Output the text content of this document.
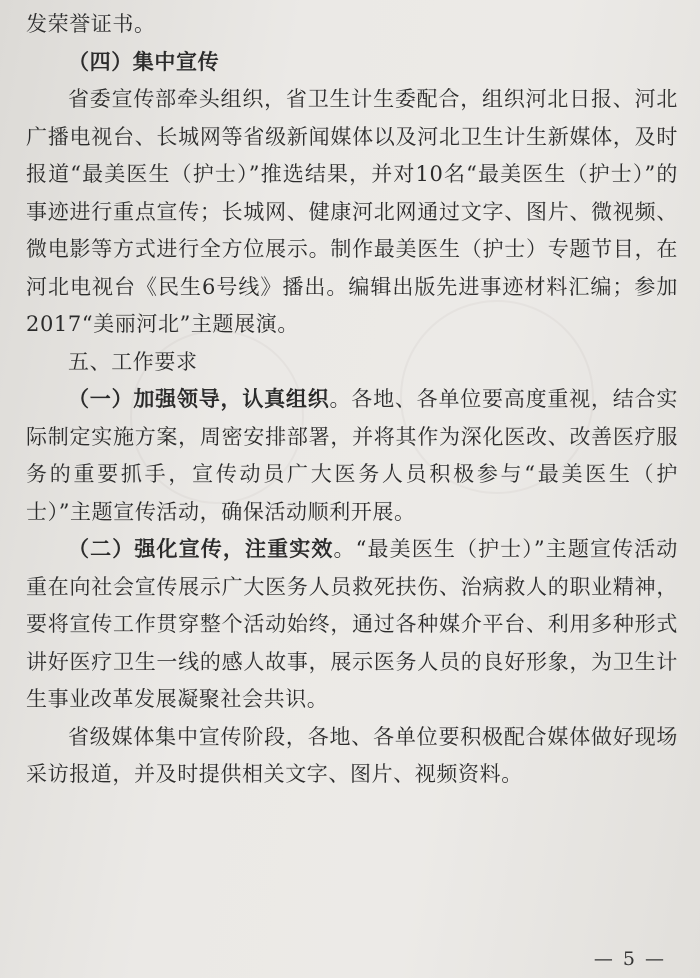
发荣誉证书。

（四）集中宣传

省委宣传部牵头组织，省卫生计生委配合，组织河北日报、河北广播电视台、长城网等省级新闻媒体以及河北卫生计生新媒体，及时报道“最美医生（护士）”推选结果，并对10名“最美医生（护士）”的事迹进行重点宣传；长城网、健康河北网通过文字、图片、微视频、微电影等方式进行全方位展示。制作最美医生（护士）专题节目，在河北电视台《民生6号线》播出。编辑出版先进事迹材料汇编；参加2017“美丽河北”主题展演。

五、工作要求

（一）加强领导，认真组织。各地、各单位要高度重视，结合实际制定实施方案，周密安排部署，并将其作为深化医改、改善医疗服务的重要抓手，宣传动员广大医务人员积极参与“最美医生（护士）”主题宣传活动，确保活动顺利开展。

（二）强化宣传，注重实效。“最美医生（护士）”主题宣传活动重在向社会宣传展示广大医务人员救死扶伤、治病救人的职业精神，要将宣传工作贯穿整个活动始终，通过各种媒介平台、利用多种形式讲好医疗卫生一线的感人故事，展示医务人员的良好形象，为卫生计生事业改革发展凝聚社会共识。

省级媒体集中宣传阶段，各地、各单位要积极配合媒体做好现场采访报道，并及时提供相关文字、图片、视频资料。

— 5 —
